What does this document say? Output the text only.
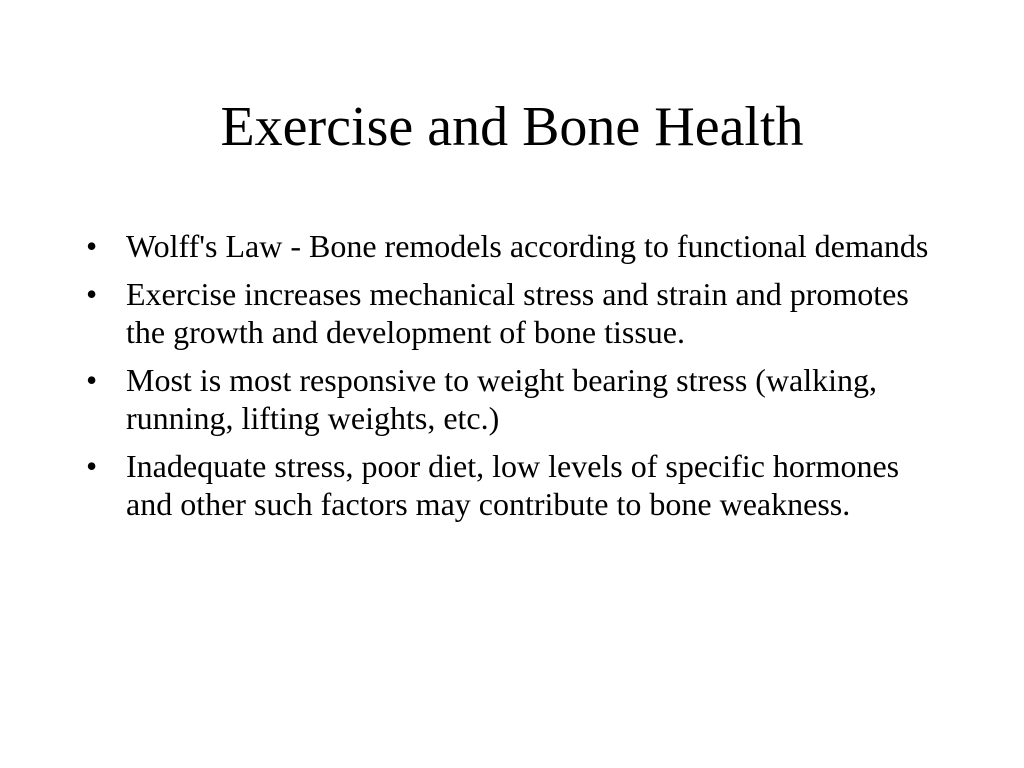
Exercise and Bone Health
• Wolff's Law - Bone remodels according to functional demands
• Exercise increases mechanical stress and strain and promotes the growth and development of bone tissue.
• Most is most responsive to weight bearing stress (walking, running, lifting weights, etc.)
• Inadequate stress, poor diet, low levels of specific hormones and other such factors may contribute to bone weakness.
